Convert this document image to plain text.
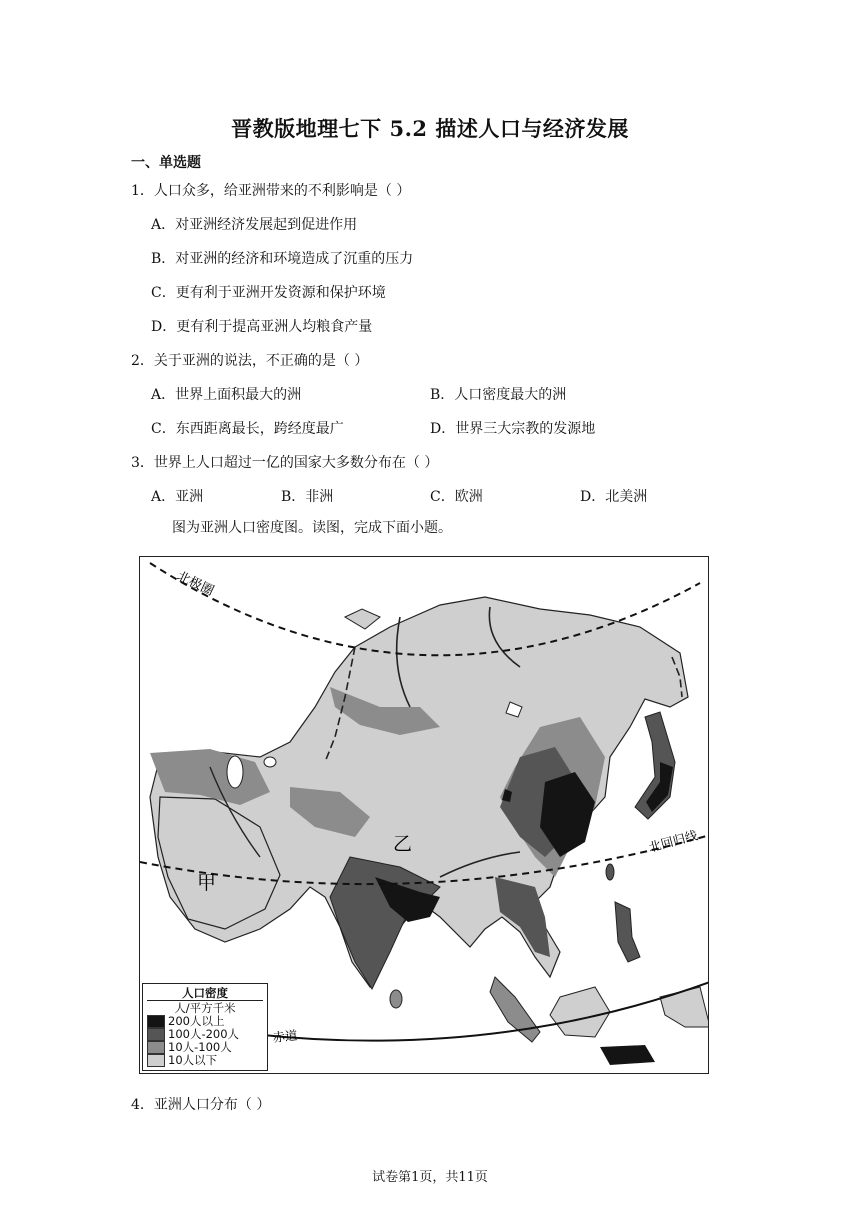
晋教版地理七下 5.2 描述人口与经济发展
一、单选题
1．人口众多，给亚洲带来的不利影响是（ ）
A．对亚洲经济发展起到促进作用
B．对亚洲的经济和环境造成了沉重的压力
C．更有利于亚洲开发资源和保护环境
D．更有利于提高亚洲人均粮食产量
2．关于亚洲的说法，不正确的是（ ）
A．世界上面积最大的洲	B．人口密度最大的洲
C．东西距离最长，跨经度最广	D．世界三大宗教的发源地
3．世界上人口超过一亿的国家大多数分布在（ ）
A．亚洲	B．非洲	C．欧洲	D．北美洲
图为亚洲人口密度图。读图，完成下面小题。
北极圈
北回归线
赤道
甲
乙
人口密度
人/平方千米
200人以上
100人-200人
10人-100人
10人以下
4．亚洲人口分布（ ）
试卷第1页，共11页
